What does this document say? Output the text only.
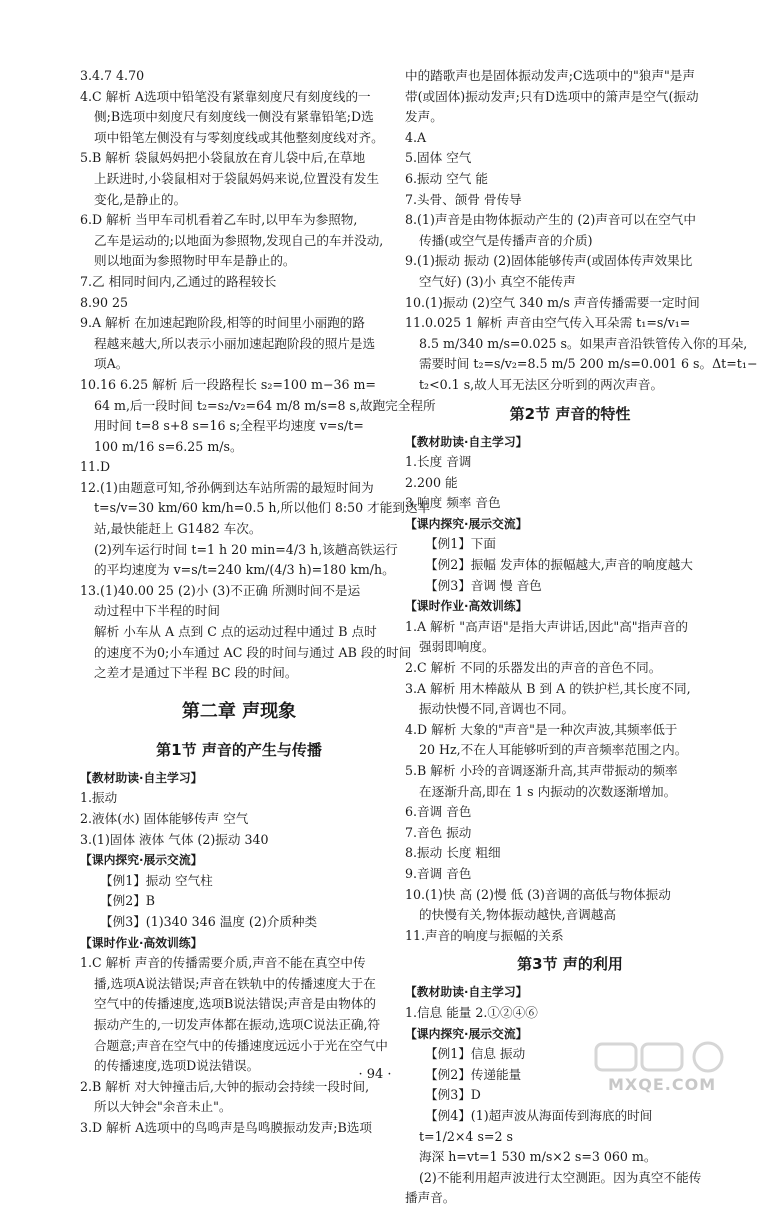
3.4.7 4.70
4.C 解析 A选项中铅笔没有紧靠刻度尺有刻度线的一
侧;B选项中刻度尺有刻度线一侧没有紧靠铅笔;D选
项中铅笔左侧没有与零刻度线或其他整刻度线对齐。
5.B 解析 袋鼠妈妈把小袋鼠放在育儿袋中后,在草地
上跃进时,小袋鼠相对于袋鼠妈妈来说,位置没有发生
变化,是静止的。
6.D 解析 当甲车司机看着乙车时,以甲车为参照物,
乙车是运动的;以地面为参照物,发现自己的车并没动,
则以地面为参照物时甲车是静止的。
7.乙 相同时间内,乙通过的路程较长
8.90 25
9.A 解析 在加速起跑阶段,相等的时间里小丽跑的路
程越来越大,所以表示小丽加速起跑阶段的照片是选
项A。
10.16 6.25 解析 后一段路程长 s₂=100 m−36 m=
64 m,后一段时间 t₂=s₂/v₂=64 m/8 m/s=8 s,故跑完全程所
用时间 t=8 s+8 s=16 s;全程平均速度 v=s/t=
100 m/16 s=6.25 m/s。
11.D
12.(1)由题意可知,爷孙俩到达车站所需的最短时间为
t=s/v=30 km/60 km/h=0.5 h,所以他们 8:50 才能到达车
站,最快能赶上 G1482 车次。
(2)列车运行时间 t=1 h 20 min=4/3 h,该趟高铁运行
的平均速度为 v=s/t=240 km/(4/3 h)=180 km/h。
13.(1)40.00 25 (2)小 (3)不正确 所测时间不是运
动过程中下半程的时间
解析 小车从 A 点到 C 点的运动过程中通过 B 点时
的速度不为0;小车通过 AC 段的时间与通过 AB 段的时间
之差才是通过下半程 BC 段的时间。
第二章 声现象
第1节 声音的产生与传播
【教材助读·自主学习】
1.振动
2.液体(水) 固体能够传声 空气
3.(1)固体 液体 气体 (2)振动 340
【课内探究·展示交流】
【例1】振动 空气柱
【例2】B
【例3】(1)340 346 温度 (2)介质种类
【课时作业·高效训练】
1.C 解析 声音的传播需要介质,声音不能在真空中传
播,选项A说法错误;声音在铁轨中的传播速度大于在
空气中的传播速度,选项B说法错误;声音是由物体的
振动产生的,一切发声体都在振动,选项C说法正确,符
合题意;声音在空气中的传播速度远远小于光在空气中
的传播速度,选项D说法错误。
2.B 解析 对大钟撞击后,大钟的振动会持续一段时间,
所以大钟会"余音未止"。
3.D 解析 A选项中的鸟鸣声是鸟鸣膜振动发声;B选项
中的踏歌声也是固体振动发声;C选项中的"狼声"是声
带(或固体)振动发声;只有D选项中的箫声是空气(振动
发声。
4.A
5.固体 空气
6.振动 空气 能
7.头骨、颌骨 骨传导
8.(1)声音是由物体振动产生的 (2)声音可以在空气中
传播(或空气是传播声音的介质)
9.(1)振动 振动 (2)固体能够传声(或固体传声效果比
空气好) (3)小 真空不能传声
10.(1)振动 (2)空气 340 m/s 声音传播需要一定时间
11.0.025 1 解析 声音由空气传入耳朵需 t₁=s/v₁=
8.5 m/340 m/s=0.025 s。如果声音沿铁管传入你的耳朵,
需要时间 t₂=s/v₂=8.5 m/5 200 m/s=0.001 6 s。Δt=t₁−
t₂<0.1 s,故人耳无法区分听到的两次声音。
第2节 声音的特性
【教材助读·自主学习】
1.长度 音调
2.200 能
3.响度 频率 音色
【课内探究·展示交流】
【例1】下面
【例2】振幅 发声体的振幅越大,声音的响度越大
【例3】音调 慢 音色
【课时作业·高效训练】
1.A 解析 "高声语"是指大声讲话,因此"高"指声音的
强弱即响度。
2.C 解析 不同的乐器发出的声音的音色不同。
3.A 解析 用木棒敲从 B 到 A 的铁护栏,其长度不同,
振动快慢不同,音调也不同。
4.D 解析 大象的"声音"是一种次声波,其频率低于
20 Hz,不在人耳能够听到的声音频率范围之内。
5.B 解析 小玲的音调逐渐升高,其声带振动的频率
在逐渐升高,即在 1 s 内振动的次数逐渐增加。
6.音调 音色
7.音色 振动
8.振动 长度 粗细
9.音调 音色
10.(1)快 高 (2)慢 低 (3)音调的高低与物体振动
的快慢有关,物体振动越快,音调越高
11.声音的响度与振幅的关系
第3节 声的利用
【教材助读·自主学习】
1.信息 能量 2.①②④⑥
【课内探究·展示交流】
【例1】信息 振动
【例2】传递能量
【例3】D
【例4】(1)超声波从海面传到海底的时间
t=1/2×4 s=2 s
海深 h=vt=1 530 m/s×2 s=3 060 m。
(2)不能利用超声波进行太空测距。因为真空不能传
播声音。
· 94 ·
MXQE.COM
